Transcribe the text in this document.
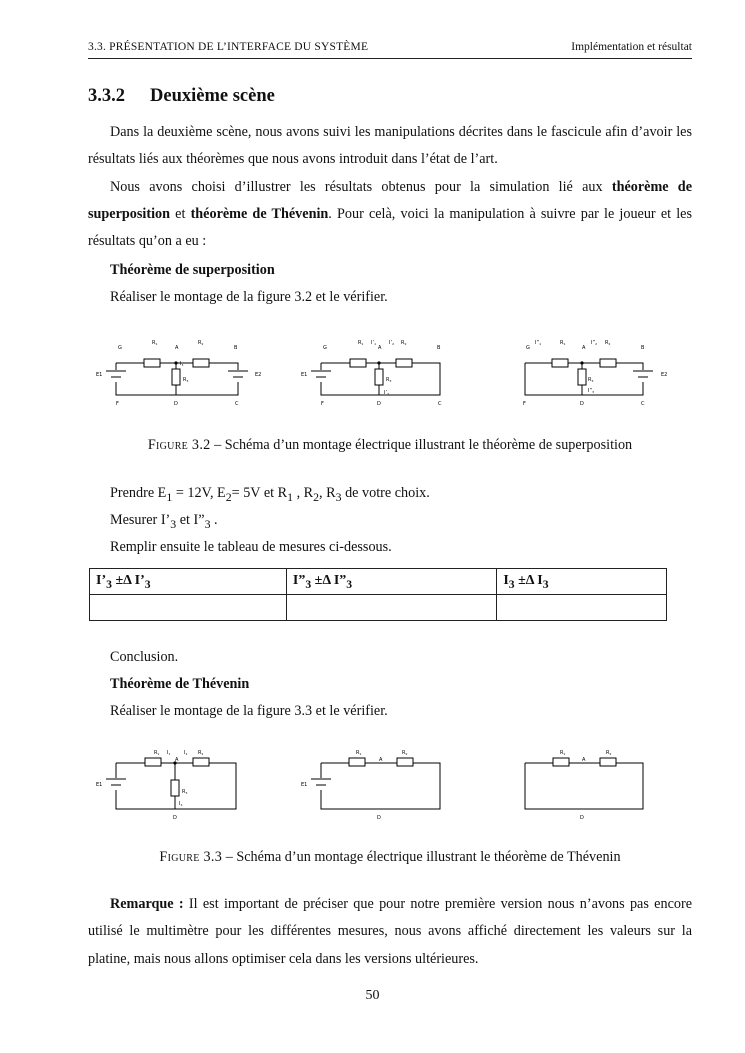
3.3. PRÉSENTATION DE L’INTERFACE DU SYSTÈME	Implémentation et résultat
3.3.2 Deuxième scène

Dans la deuxième scène, nous avons suivi les manipulations décrites dans le fascicule afin d’avoir les résultats liés aux théorèmes que nous avons introduit dans l’état de l’art.

Nous avons choisi d’illustrer les résultats obtenus pour la simulation lié aux théorème de superposition et théorème de Thévenin. Pour celà, voici la manipulation à suivre par le joueur et les résultats qu’on a eu :

Théorème de superposition
Réaliser le montage de la figure 3.2 et le vérifier.
G	A	B
F	D	C
E1	E2
$R_1$	$R_2$
$R_3$
$I_3$
G	A	B
F	D	C
E1
$R_1$	$R_2$
$R_3$
$I’_1$	$I’_2$
$I’_3$
G	A	B
F	D	C
E2
$R_1$	$R_2$
$R_3$
$I”_1$	$I”_2$
$I”_3$
Figure 3.2 – Schéma d’un montage électrique illustrant le théorème de superposition
Prendre $E_1 = 12V$, $E_2= 5V$ et $R_1$ , $R_2$, $R_3$ de votre choix.
Mesurer $I’_3$ et $I”_3$ .
Remplir ensuite le tableau de mesures ci-dessous.
$I’_3 \pm\Delta$ $I’_3$	$I”_3 \pm\Delta$ $I”_3$	$I_3 \pm\Delta$ $I_3$

Conclusion.
Théorème de Thévenin
Réaliser le montage de la figure 3.3 et le vérifier.
E1
A
D
$R_1$	$R_2$
$R_3$
$I_1$	$I_2$
$I_3$
E1
A
D
$R_1$	$R_2$
A
D
$R_1$	$R_2$
Figure 3.3 – Schéma d’un montage électrique illustrant le théorème de Thévenin

Remarque : Il est important de préciser que pour notre première version nous n’avons pas encore utilisé le multimètre pour les différentes mesures, nous avons affiché directement les valeurs sur la platine, mais nous allons optimiser cela dans les versions ultérieures.

50
